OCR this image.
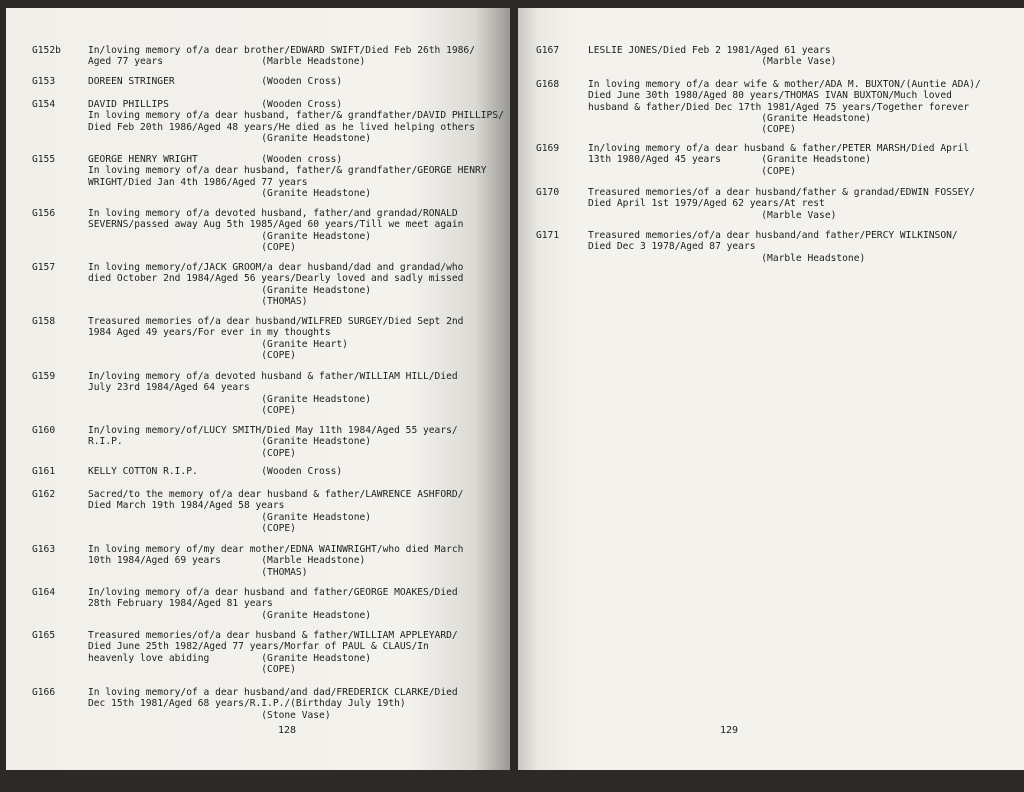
G152b	In/loving memory of/a dear brother/EDWARD SWIFT/Died Feb 26th 1986/
Aged 77 years                 (Marble Headstone)
G153	DOREEN STRINGER               (Wooden Cross)
G154	DAVID PHILLIPS                (Wooden Cross)
In loving memory of/a dear husband, father/& grandfather/DAVID PHILLIPS/
Died Feb 20th 1986/Aged 48 years/He died as he lived helping others
(Granite Headstone)
G155	GEORGE HENRY WRIGHT           (Wooden cross)
In loving memory of/a dear husband, father/& grandfather/GEORGE HENRY
WRIGHT/Died Jan 4th 1986/Aged 77 years
(Granite Headstone)
G156	In loving memory of/a devoted husband, father/and grandad/RONALD
SEVERNS/passed away Aug 5th 1985/Aged 60 years/Till we meet again
(Granite Headstone)
(COPE)
G157	In loving memory/of/JACK GROOM/a dear husband/dad and grandad/who
died October 2nd 1984/Aged 56 years/Dearly loved and sadly missed
(Granite Headstone)
(THOMAS)
G158	Treasured memories of/a dear husband/WILFRED SURGEY/Died Sept 2nd
1984 Aged 49 years/For ever in my thoughts
(Granite Heart)
(COPE)
G159	In/loving memory of/a devoted husband & father/WILLIAM HILL/Died
July 23rd 1984/Aged 64 years
(Granite Headstone)
(COPE)
G160	In/loving memory/of/LUCY SMITH/Died May 11th 1984/Aged 55 years/
R.I.P.                        (Granite Headstone)
(COPE)
G161	KELLY COTTON R.I.P.           (Wooden Cross)
G162	Sacred/to the memory of/a dear husband & father/LAWRENCE ASHFORD/
Died March 19th 1984/Aged 58 years
(Granite Headstone)
(COPE)
G163	In loving memory of/my dear mother/EDNA WAINWRIGHT/who died March
10th 1984/Aged 69 years       (Marble Headstone)
(THOMAS)
G164	In/loving memory of/a dear husband and father/GEORGE MOAKES/Died
28th February 1984/Aged 81 years
(Granite Headstone)
G165	Treasured memories/of/a dear husband & father/WILLIAM APPLEYARD/
Died June 25th 1982/Aged 77 years/Morfar of PAUL & CLAUS/In
heavenly love abiding         (Granite Headstone)
(COPE)
G166	In loving memory/of a dear husband/and dad/FREDERICK CLARKE/Died
Dec 15th 1981/Aged 68 years/R.I.P./(Birthday July 19th)
(Stone Vase)
128
G167	LESLIE JONES/Died Feb 2 1981/Aged 61 years
(Marble Vase)
G168	In loving memory of/a dear wife & mother/ADA M. BUXTON/(Auntie ADA)/
Died June 30th 1980/Aged 80 years/THOMAS IVAN BUXTON/Much loved
husband & father/Died Dec 17th 1981/Aged 75 years/Together forever
(Granite Headstone)
(COPE)
G169	In/loving memory of/a dear husband & father/PETER MARSH/Died April
13th 1980/Aged 45 years       (Granite Headstone)
(COPE)
G170	Treasured memories/of a dear husband/father & grandad/EDWIN FOSSEY/
Died April 1st 1979/Aged 62 years/At rest
(Marble Vase)
G171	Treasured memories/of/a dear husband/and father/PERCY WILKINSON/
Died Dec 3 1978/Aged 87 years
(Marble Headstone)
129
